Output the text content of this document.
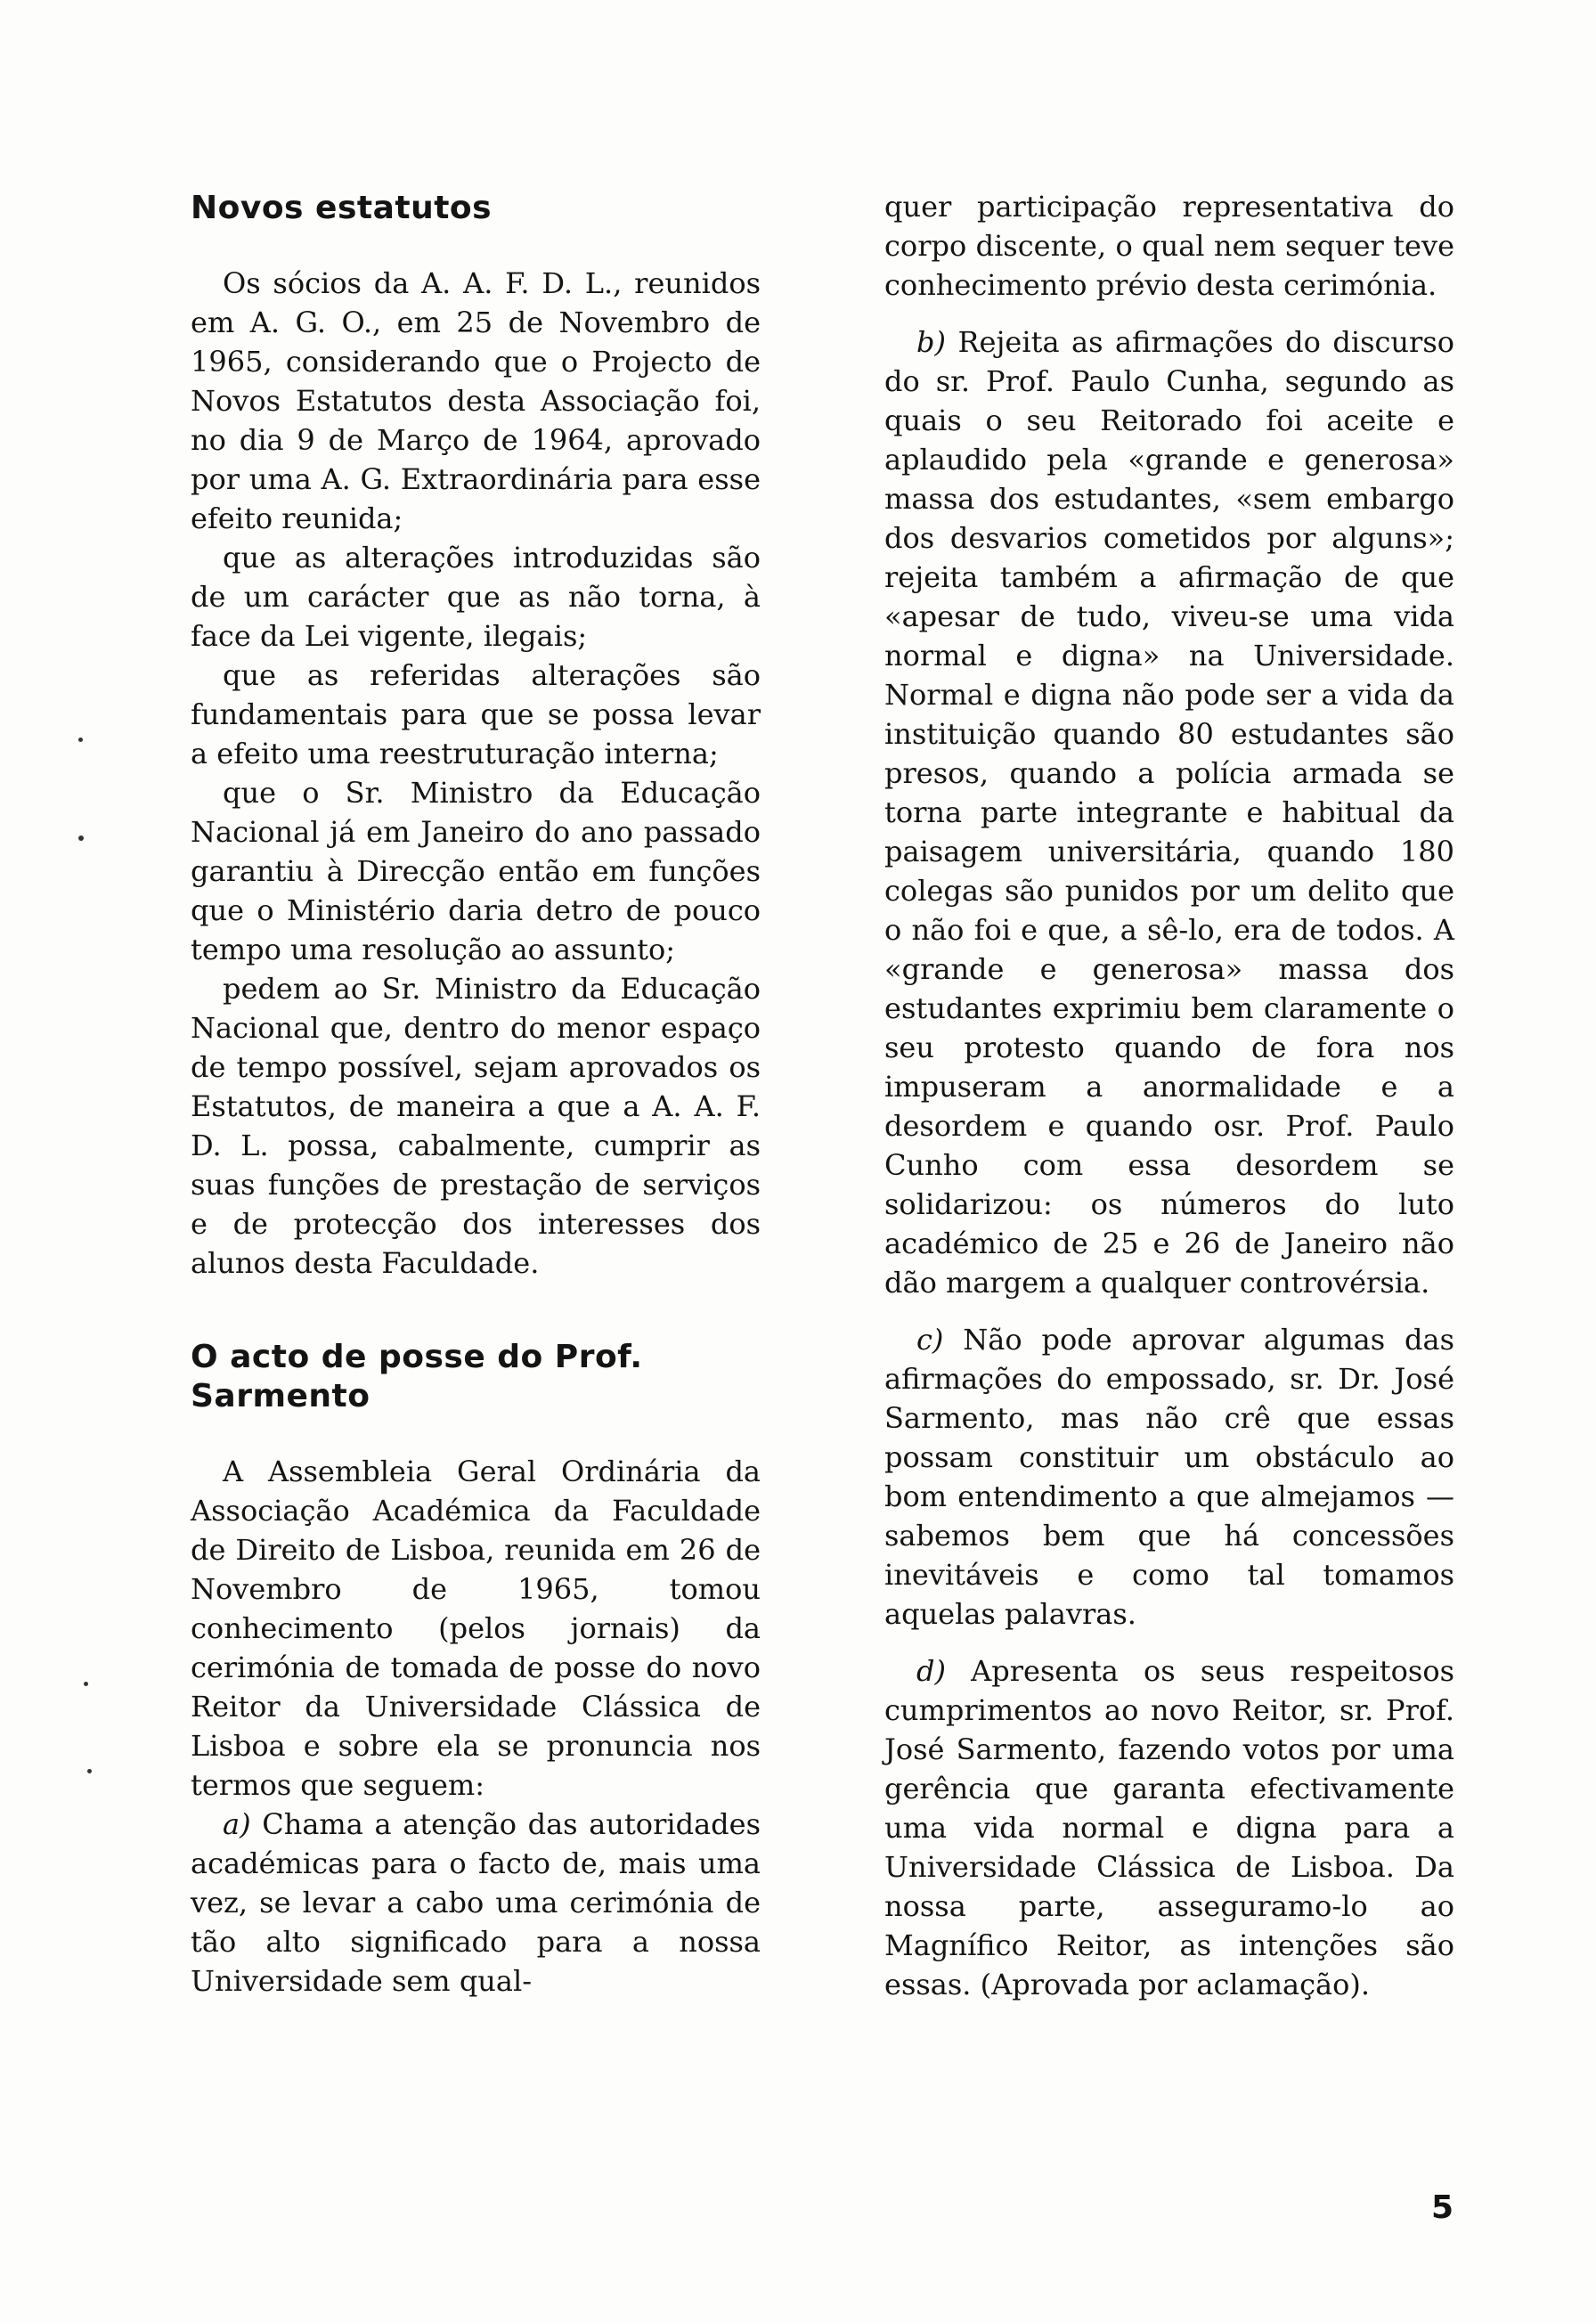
Novos estatutos

Os sócios da A. A. F. D. L., reunidos em A. G. O., em 25 de Novembro de 1965, considerando que o Projecto de Novos Estatutos desta Associação foi, no dia 9 de Março de 1964, aprovado por uma A. G. Extraordinária para esse efeito reunida;

que as alterações introduzidas são de um carácter que as não torna, à face da Lei vigente, ilegais;

que as referidas alterações são fundamentais para que se possa levar a efeito uma reestruturação interna;

que o Sr. Ministro da Educação Nacional já em Janeiro do ano passado garantiu à Direcção então em funções que o Ministério daria detro de pouco tempo uma resolução ao assunto;

pedem ao Sr. Ministro da Educação Nacional que, dentro do menor espaço de tempo possível, sejam aprovados os Estatutos, de maneira a que a A. A. F. D. L. possa, cabalmente, cumprir as suas funções de prestação de serviços e de protecção dos interesses dos alunos desta Faculdade.

O acto de posse do Prof. Sarmento

A Assembleia Geral Ordinária da Associação Académica da Faculdade de Direito de Lisboa, reunida em 26 de Novembro de 1965, tomou conhecimento (pelos jornais) da cerimónia de tomada de posse do novo Reitor da Universidade Clássica de Lisboa e sobre ela se pronuncia nos termos que seguem:

a) Chama a atenção das autoridades académicas para o facto de, mais uma vez, se levar a cabo uma cerimónia de tão alto significado para a nossa Universidade sem qual-

quer participação representativa do corpo discente, o qual nem sequer teve conhecimento prévio desta cerimónia.

b) Rejeita as afirmações do discurso do sr. Prof. Paulo Cunha, segundo as quais o seu Reitorado foi aceite e aplaudido pela «grande e generosa» massa dos estudantes, «sem embargo dos desvarios cometidos por alguns»; rejeita também a afirmação de que «apesar de tudo, viveu-se uma vida normal e digna» na Universidade. Normal e digna não pode ser a vida da instituição quando 80 estudantes são presos, quando a polícia armada se torna parte integrante e habitual da paisagem universitária, quando 180 colegas são punidos por um delito que o não foi e que, a sê-lo, era de todos. A «grande e generosa» massa dos estudantes exprimiu bem claramente o seu protesto quando de fora nos impuseram a anormalidade e a desordem e quando osr. Prof. Paulo Cunho com essa desordem se solidarizou: os números do luto académico de 25 e 26 de Janeiro não dão margem a qualquer controvérsia.

c) Não pode aprovar algumas das afirmações do empossado, sr. Dr. José Sarmento, mas não crê que essas possam constituir um obstáculo ao bom entendimento a que almejamos — sabemos bem que há concessões inevitáveis e como tal tomamos aquelas palavras.

d) Apresenta os seus respeitosos cumprimentos ao novo Reitor, sr. Prof. José Sarmento, fazendo votos por uma gerência que garanta efectivamente uma vida normal e digna para a Universidade Clássica de Lisboa. Da nossa parte, asseguramo-lo ao Magnífico Reitor, as intenções são essas. (Aprovada por aclamação).

5
